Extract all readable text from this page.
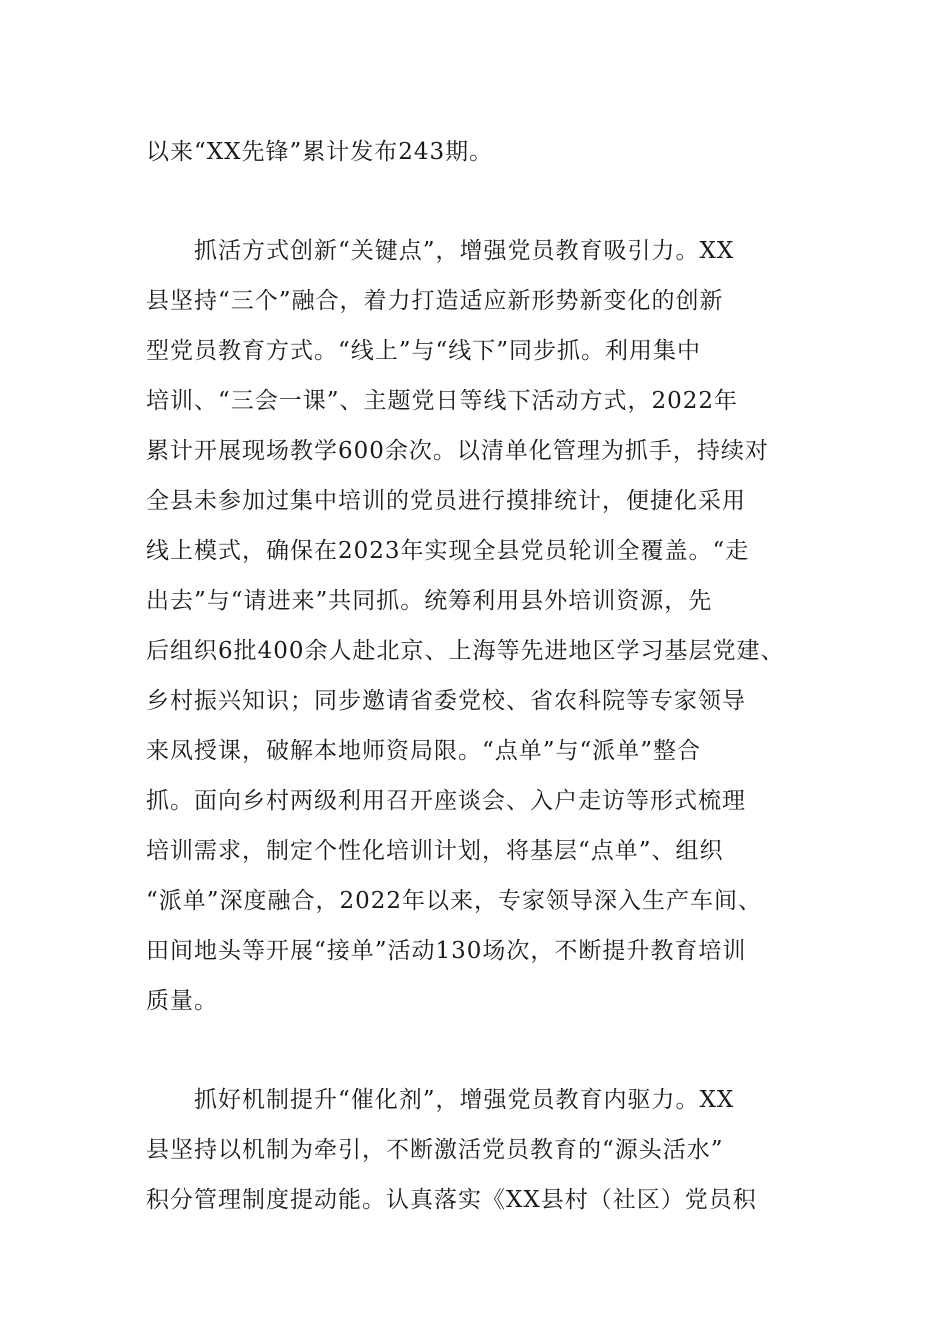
以来“XX先锋”累计发布243期。
　　抓活方式创新“关键点”，增强党员教育吸引力。XX
县坚持“三个”融合，着力打造适应新形势新变化的创新
型党员教育方式。“线上”与“线下”同步抓。利用集中
培训、“三会一课”、主题党日等线下活动方式，2022年
累计开展现场教学600余次。以清单化管理为抓手，持续对
全县未参加过集中培训的党员进行摸排统计，便捷化采用
线上模式，确保在2023年实现全县党员轮训全覆盖。“走
出去”与“请进来”共同抓。统筹利用县外培训资源，先
后组织6批400余人赴北京、上海等先进地区学习基层党建、
乡村振兴知识；同步邀请省委党校、省农科院等专家领导
来凤授课，破解本地师资局限。“点单”与“派单”整合
抓。面向乡村两级利用召开座谈会、入户走访等形式梳理
培训需求，制定个性化培训计划，将基层“点单”、组织
“派单”深度融合，2022年以来，专家领导深入生产车间、
田间地头等开展“接单”活动130场次，不断提升教育培训
质量。
　　抓好机制提升“催化剂”，增强党员教育内驱力。XX
县坚持以机制为牵引，不断激活党员教育的“源头活水”
积分管理制度提动能。认真落实《XX县村（社区）党员积
